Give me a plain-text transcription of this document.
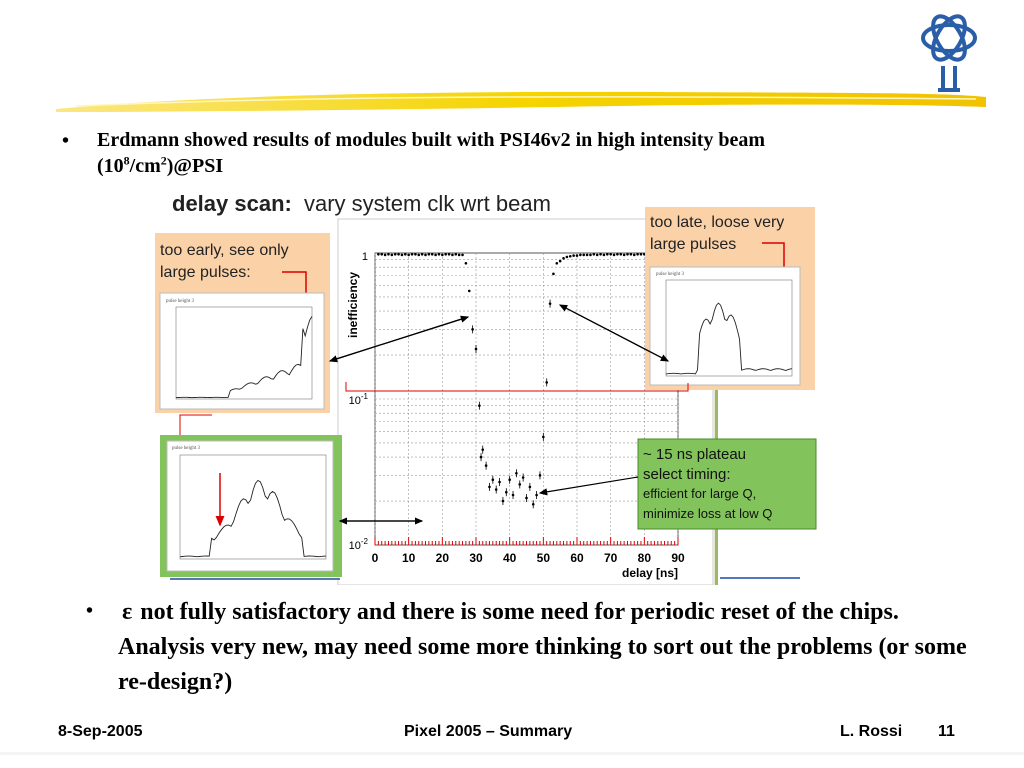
• Erdmann showed results of modules built with PSI46v2 in high intensity beam
$(10^8/cm^2)@PSI$
delay scan: vary system clk wrt beam
0 10 20 30 40 50 60 70 80 90
inefficiency
1
$10^{-1}$
$10^{-2}$
delay [ns]
too early, see only
large pulses:
pulse height 3
too late, loose very
large pulses
pulse height 3
pulse height 3	~ 15 ns plateau
select timing:
efficient for large Q,
minimize loss at low Q
• ε not fully satisfactory and there is some need for periodic reset of the chips. Analysis very new, may need some more thinking to sort out the problems (or some re-design?)
8-Sep-2005	Pixel 2005 – Summary	L. Rossi 11
